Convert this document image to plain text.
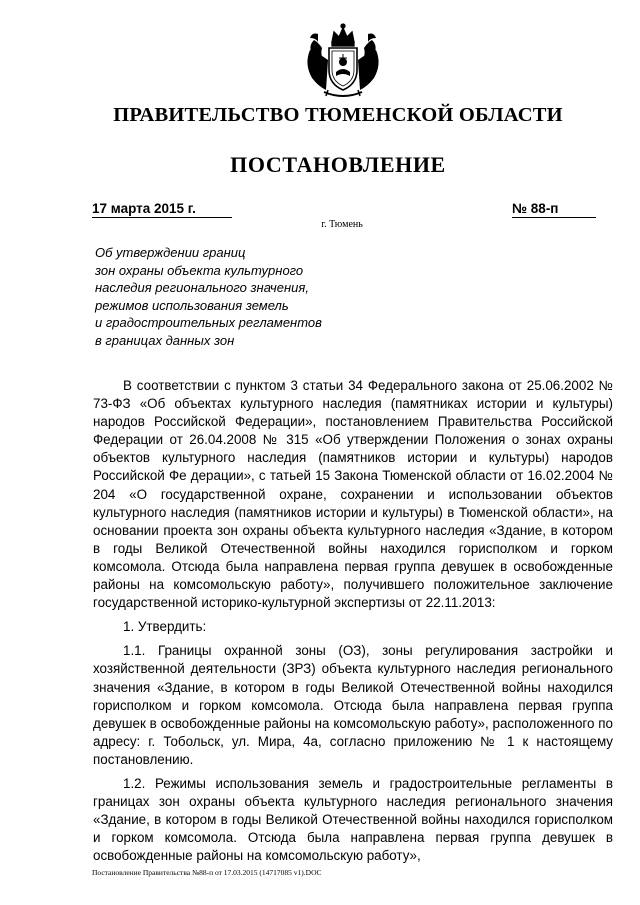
ПРАВИТЕЛЬСТВО ТЮМЕНСКОЙ ОБЛАСТИ
ПОСТАНОВЛЕНИЕ
17 марта 2015 г.	№ 88-п
г. Тюмень
Об утверждении границ
зон охраны объекта культурного
наследия регионального значения,
режимов использования земель
и градостроительных регламентов
в границах данных зон

В соответствии с пунктом 3 статьи 34 Федерального закона от 25.06.2002 № 73-ФЗ «Об объектах культурного наследия (памятниках истории и культуры) народов Российской Федерации», постановлением Правительства Российской Федерации от 26.04.2008 № 315 «Об утверждении Положения о зонах охраны объектов культурного наследия (памятников истории и культуры) народов Российской Фе дерации», с татьей 15 Закона Тюменской области от 16.02.2004 № 204 «О государственной охране, сохранении и использовании объектов культурного наследия (памятников истории и культуры) в Тюменской области», на основании проекта зон охраны объекта культурного наследия «Здание, в котором в годы Великой Отечественной войны находился горисполком и горком комсомола. Отсюда была направлена первая группа девушек в освобожденные районы на комсомольскую работу», получившего положительное заключение государственной историко-культурной экспертизы от 22.11.2013:

1. Утвердить:

1.1. Границы охранной зоны (ОЗ), зоны регулирования застройки и хозяйственной деятельности (ЗРЗ) объекта культурного наследия регионального значения «Здание, в котором в годы Великой Отечественной войны находился горисполком и горком комсомола. Отсюда была направлена первая группа девушек в освобожденные районы на комсомольскую работу», расположенного по адресу: г. Тобольск, ул. Мира, 4а, согласно приложению № 1 к настоящему постановлению.

1.2. Режимы использования земель и градостроительные регламенты в границах зон охраны объекта культурного наследия регионального значения «Здание, в котором в годы Великой Отечественной войны находился горисполком и горком комсомола. Отсюда была направлена первая группа девушек в освобожденные районы на комсомольскую работу»,

Постановление Правительства №88-п от 17.03.2015 (14717085 v1).DOC
